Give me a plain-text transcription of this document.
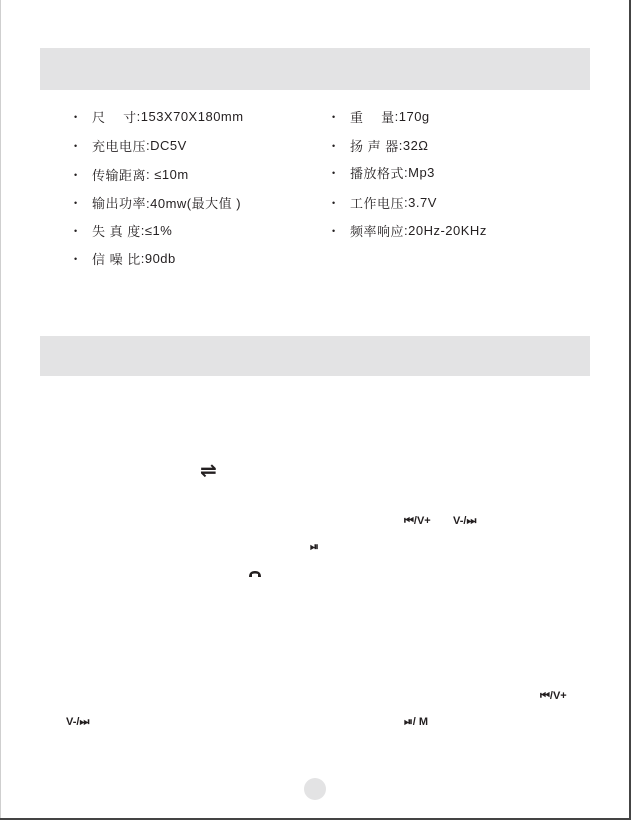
•	尺　 寸 :153X70X180mm
•	充电电压 :DC5V
•	传输距离 : ≤10m
•	输出功率 :40mw(最大值 )
•	失 真 度 :≤1%
•	信 噪 比 :90db
•	重　 量 :170g
•	扬 声 器 :32Ω
•	播放格式 :Mp3
•	工作电压 :3.7V
•	频率响应 :20Hz-20KHz
⇌
⏮/V+ V-/⏭
⏯
⏮/V+
V-/⏭	⏯/ M
